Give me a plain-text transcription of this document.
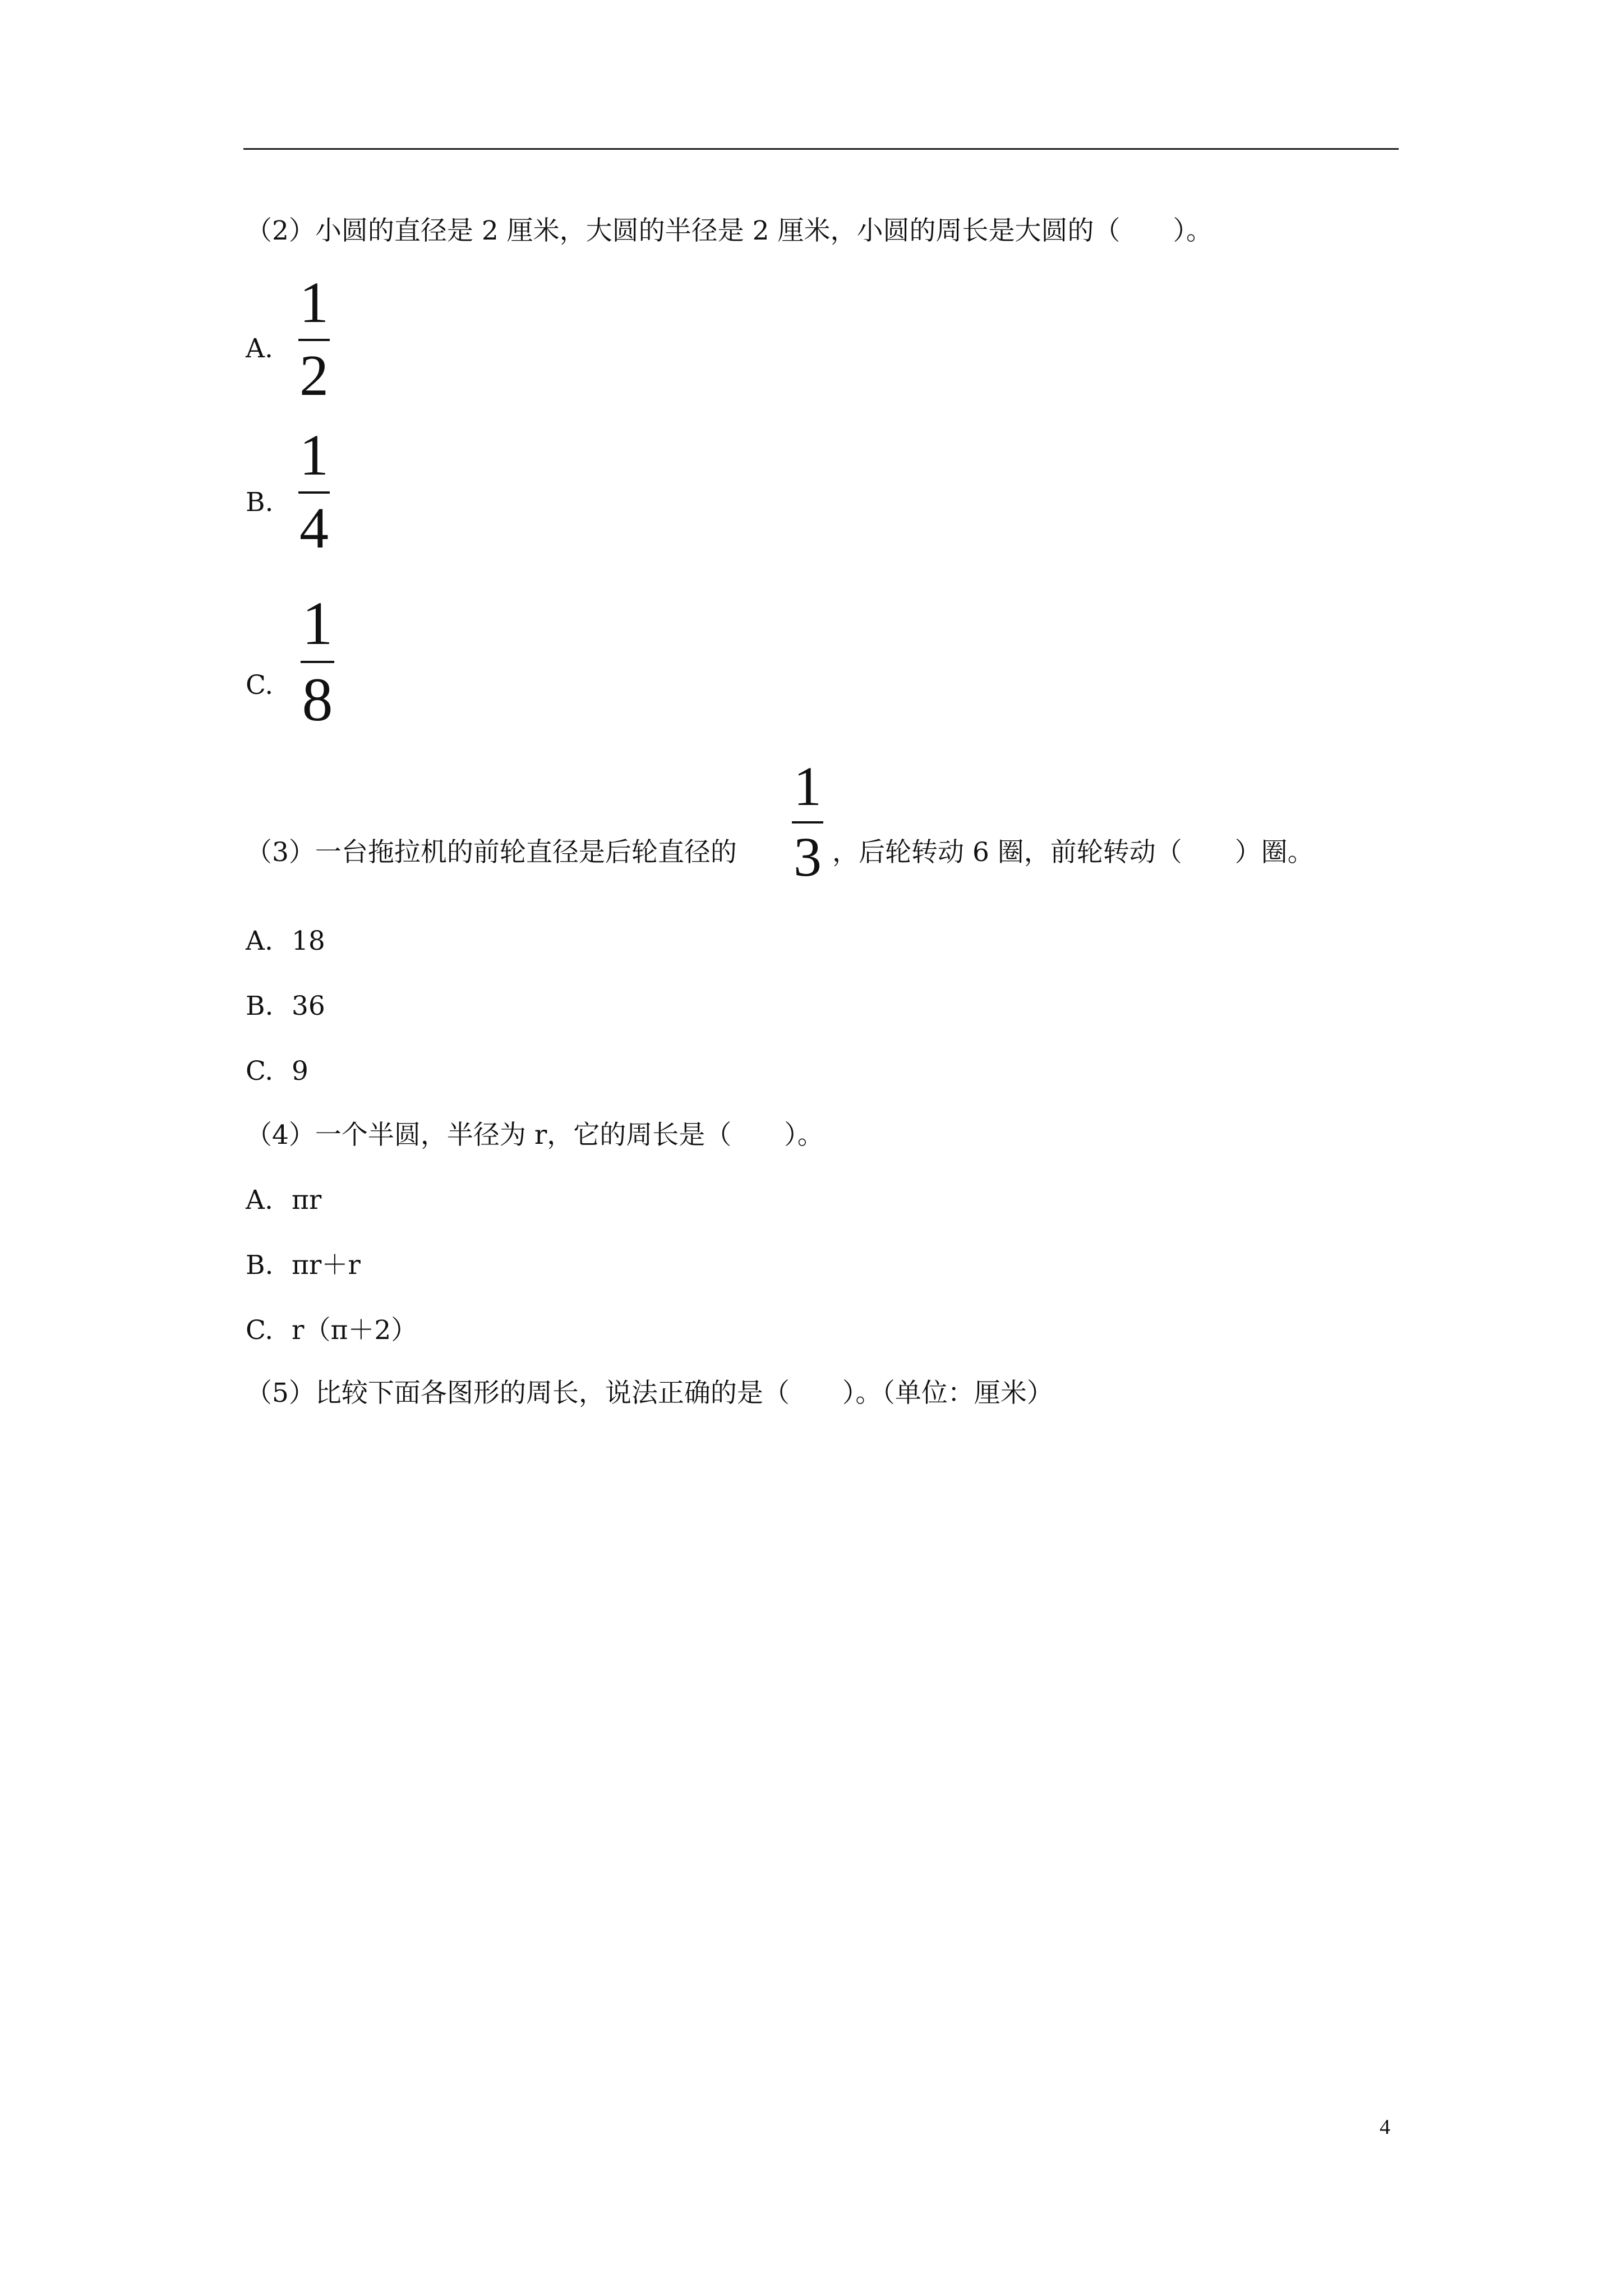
（2）小圆的直径是 2 厘米，大圆的半径是 2 厘米，小圆的周长是大圆的（　　）。
A.
1
2
B.
1
4
C.
1
8
（3）一台拖拉机的前轮直径是后轮直径的
1
3 ，后轮转动 6 圈，前轮转动（　　）圈。
A. 18
B. 36
C. 9
（4）一个半圆，半径为 r，它的周长是（　　）。
A. πr
B. πr＋r
C. r（π＋2）
（5）比较下面各图形的周长，说法正确的是（　　）。（单位：厘米）
4
